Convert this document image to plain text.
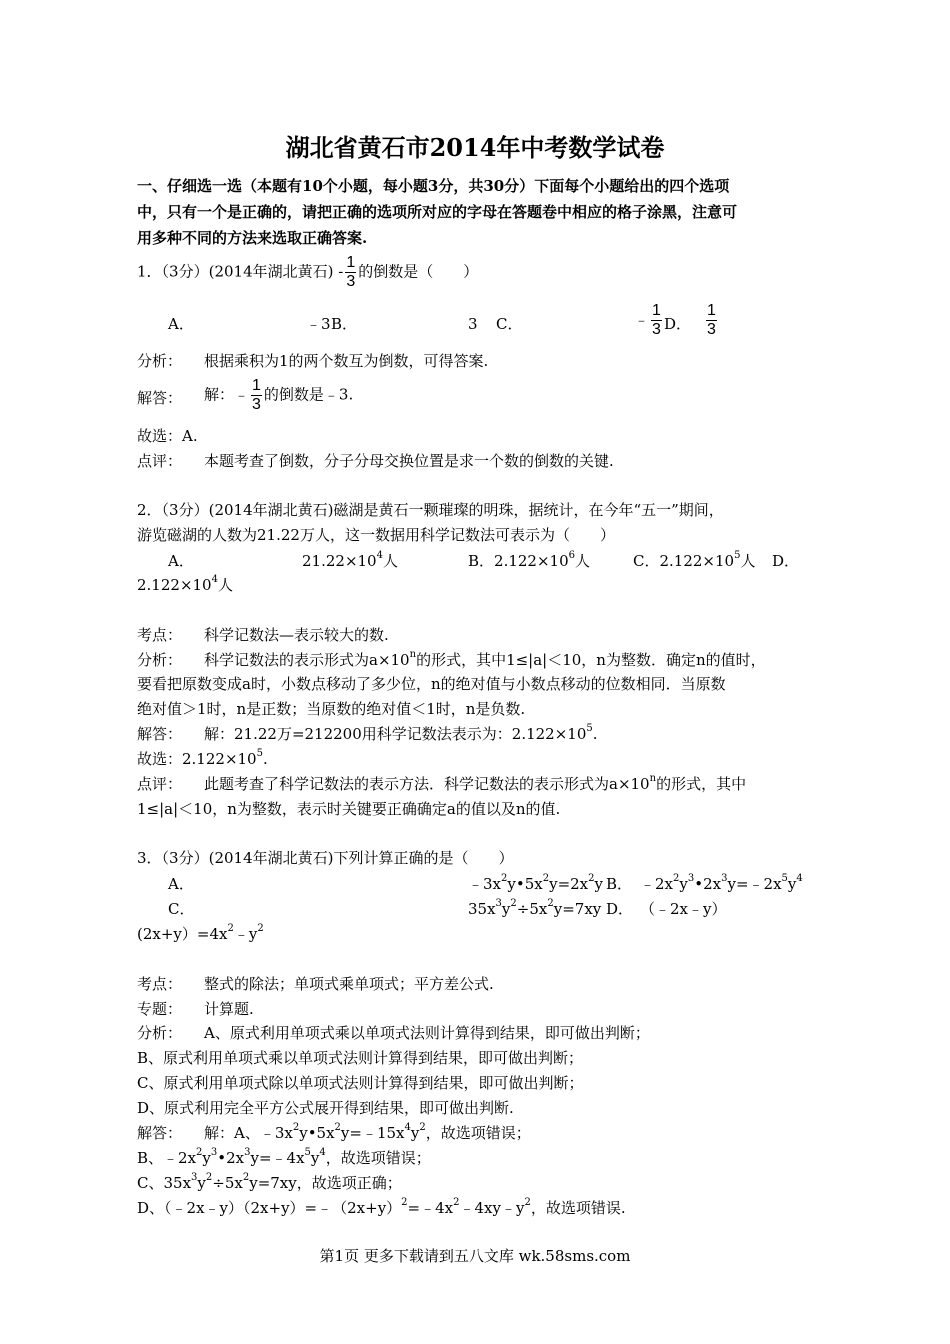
湖北省黄石市2014年中考数学试卷
一、仔细选一选（本题有10个小题，每小题3分，共30分）下面每个小题给出的四个选项
中，只有一个是正确的，请把正确的选项所对应的字母在答题卷中相应的格子涂黑，注意可
用多种不同的方法来选取正确答案.
1．（3分）(2014年湖北黄石) - $\frac{1}{3}$ 的倒数是（　　）
A．	﹣3 B．	3 C．	﹣ $\frac{1}{3}$ D． $\frac{1}{3}$
分析： 根据乘积为1的两个数互为倒数，可得答案.
解答： 解：﹣ $\frac{1}{3}$ 的倒数是﹣3.
故选：A.
点评： 本题考查了倒数，分子分母交换位置是求一个数的倒数的关键.
2．（3分）(2014年湖北黄石)磁湖是黄石一颗璀璨的明珠，据统计，在今年“五一”期间，
游览磁湖的人数为21.22万人，这一数据用科学记数法可表示为（　　）
A．	$21.22\times 10^4$人	B．$2.122\times 10^6$人	C．$2.122\times 10^5$人 D．
$2.122\times 10^4$人
考点： 科学记数法—表示较大的数.
分析： 科学记数法的表示形式为$a\times 10^n$的形式，其中1≤|a|＜10，n为整数．确定n的值时，
要看把原数变成a时，小数点移动了多少位，n的绝对值与小数点移动的位数相同．当原数
绝对值＞1时，n是正数；当原数的绝对值＜1时，n是负数.
解答： 解：21.22万=212200用科学记数法表示为：$2.122\times 10^5$.
故选：$2.122\times 10^5$.
点评： 此题考查了科学记数法的表示方法．科学记数法的表示形式为$a\times 10^n$的形式，其中
1≤|a|＜10，n为整数，表示时关键要正确确定a的值以及n的值.
3．（3分）(2014年湖北黄石)下列计算正确的是（　　）
A．	$﹣3x^2y•5x^2y=2x^2y$ B． $﹣2x^2y^3•2x^3y=﹣2x^5y^4$
C．	$35x^3y^2\div 5x^2y=7xy$ D． （﹣2x﹣y）
$(2x+y)=4x^2﹣y^2$
考点： 整式的除法；单项式乘单项式；平方差公式.
专题： 计算题.
分析： A、原式利用单项式乘以单项式法则计算得到结果，即可做出判断；
B、原式利用单项式乘以单项式法则计算得到结果，即可做出判断；
C、原式利用单项式除以单项式法则计算得到结果，即可做出判断；
D、原式利用完全平方公式展开得到结果，即可做出判断.
解答： 解：A、$﹣3x^2y•5x^2y=﹣15x^4y^2$，故选项错误；
B、$﹣2x^2y^3•2x^3y=﹣4x^5y^4$，故选项错误；
C、$35x^3y^2\div 5x^2y=7xy$，故选项正确；
D、$(﹣2x﹣y)(2x+y)=﹣(2x+y)^2=﹣4x^2﹣4xy﹣y^2$，故选项错误.
第1页 更多下载请到五八文库 wk.58sms.com
